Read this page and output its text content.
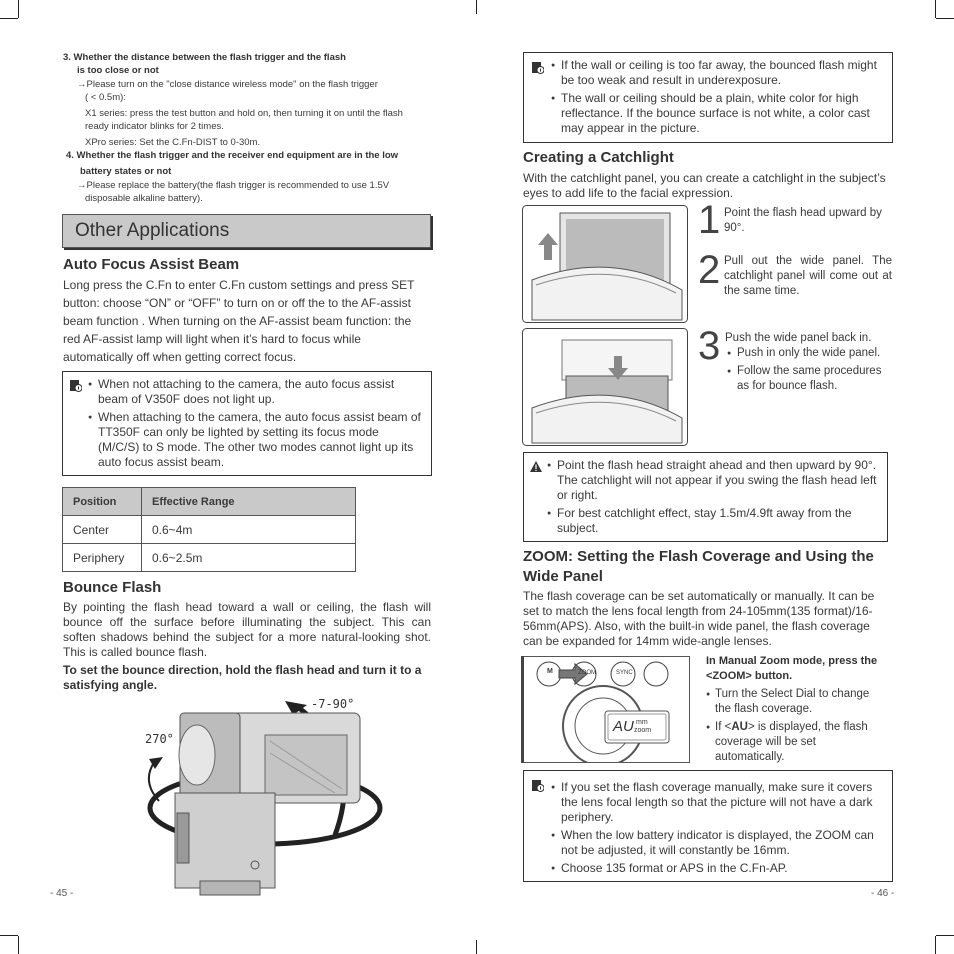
3. Whether the distance between the flash trigger and the flash
is too close or not
→Please turn on the "close distance wireless mode" on the flash trigger
( < 0.5m):
X1 series: press the test button and hold on, then turning it on until the flash
ready indicator blinks for 2 times.
XPro series: Set the C.Fn-DIST to 0-30m.
4. Whether the flash trigger and the receiver end equipment are in the low
battery states or not
→Please replace the battery(the flash trigger is recommended to use 1.5V
disposable alkaline battery).
Other Applications
Auto Focus Assist Beam
Long press the C.Fn to enter C.Fn custom settings and press SET button: choose “ON” or “OFF” to turn on or off the to the AF-assist beam function . When turning on the AF-assist beam function: the red AF-assist lamp will light when it’s hard to focus while automatically off when getting correct focus.
● When not attaching to the camera, the auto focus assist beam of V350F does not light up.
● When attaching to the camera, the auto focus assist beam of TT350F can only be lighted by setting its focus mode (M/C/S) to S mode. The other two modes cannot light up its auto focus assist beam.
Position	Effective Range
Center	0.6~4m
Periphery	0.6~2.5m
Bounce Flash
By pointing the flash head toward a wall or ceiling, the flash will bounce off the surface before illuminating the subject. This can soften shadows behind the subject for a more natural-looking shot. This is called bounce flash.
To set the bounce direction, hold the flash head and turn it to a satisfying angle.
-7-90°
270°
- 45 -
● If the wall or ceiling is too far away, the bounced flash might be too weak and result in underexposure.
● The wall or ceiling should be a plain, white color for high reflectance. If the bounce surface is not white, a color cast may appear in the picture.
Creating a Catchlight
With the catchlight panel, you can create a catchlight in the subject’s eyes to add life to the facial expression.
1 Point the flash head upward by 90°.
2 Pull out the wide panel. The catchlight panel will come out at the same time.
3 Push the wide panel back in.
● Push in only the wide panel.
● Follow the same procedures as for bounce flash.
● Point the flash head straight ahead and then upward by 90°. The catchlight will not appear if you swing the flash head left or right.
● For best catchlight effect, stay 1.5m/4.9ft away from the subject.
ZOOM: Setting the Flash Coverage and Using the Wide Panel
The flash coverage can be set automatically or manually. It can be set to match the lens focal length from 24-105mm(135 format)/16-56mm(APS). Also, with the built-in wide panel, the flash coverage can be expanded for 14mm wide-angle lenses.
M	ZOOM	SYNC
AU mm
zoom
In Manual Zoom mode, press the <ZOOM> button.
● Turn the Select Dial to change the flash coverage.
● If <AU> is displayed, the flash coverage will be set automatically.
● If you set the flash coverage manually, make sure it covers the lens focal length so that the picture will not have a dark periphery.
● When the low battery indicator is displayed, the ZOOM can not be adjusted, it will constantly be 16mm.
● Choose 135 format or APS in the C.Fn-AP.
- 46 -
